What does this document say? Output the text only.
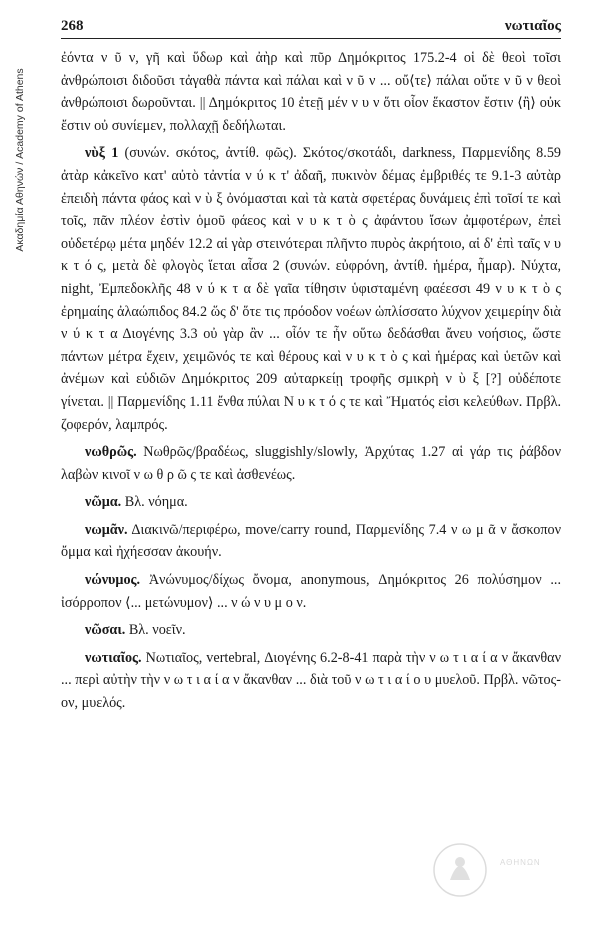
Ακαδημία Αθηνών / Academy of Athens
268	νωτιαῖος

ἐόντα ν ῦ ν, γῆ καὶ ὕδωρ καὶ ἀὴρ καὶ πῦρ Δημόκριτος 175.2-4 οἱ δὲ θεοὶ τοῖσι ἀνθρώποισι διδοῦσι τἀγαθὰ πάντα καὶ πάλαι καὶ ν ῦ ν ... οὔ⟨τε⟩ πάλαι οὔτε ν ῦ ν θεοὶ ἀνθρώποισι δωροῦνται. || Δημόκριτος 10 ἐτεῇ μέν ν υ ν ὅτι οἷον ἕκαστον ἔστιν ⟨ἢ⟩ οὐκ ἔστιν οὐ συνίεμεν, πολλαχῇ δεδήλωται.

νὺξ 1 (συνών. σκότος, ἀντίθ. φῶς). Σκότος/σκοτάδι, darkness, Παρμενίδης 8.59 ἀτὰρ κἀκεῖνο κατ' αὐτὸ τἀντία ν ύ κ τ' ἀδαῆ, πυκινὸν δέμας ἐμβριθές τε 9.1-3 αὐτὰρ ἐπειδὴ πάντα φάος καὶ ν ὺ ξ ὀνόμασται καὶ τὰ κατὰ σφετέρας δυνάμεις ἐπὶ τοῖσί τε καὶ τοῖς, πᾶν πλέον ἐστὶν ὁμοῦ φάεος καὶ ν υ κ τ ὸ ς ἀφάντου ἴσων ἀμφοτέρων, ἐπεὶ οὐδετέρῳ μέτα μηδέν 12.2 αἱ γὰρ στεινότεραι πλῆντο πυρὸς ἀκρήτοιο, αἱ δ' ἐπὶ ταῖς ν υ κ τ ό ς, μετὰ δὲ φλογὸς ἵεται αἶσα 2 (συνών. εὐφρόνη, ἀντίθ. ἡμέρα, ἦμαρ). Νύχτα, night, Ἐμπεδοκλῆς 48 ν ύ κ τ α δὲ γαῖα τίθησιν ὑφισταμένη φαέεσσι 49 ν υ κ τ ὸ ς ἐρημαίης ἀλαώπιδος 84.2 ὥς δ' ὅτε τις πρόοδον νοέων ὡπλίσσατο λύχνον χειμερίην διὰ ν ύ κ τ α Διογένης 3.3 οὐ γὰρ ἂν ... οἷόν τε ἦν οὕτω δεδάσθαι ἄνευ νοήσιος, ὥστε πάντων μέτρα ἔχειν, χειμῶνός τε καὶ θέρους καὶ ν υ κ τ ὸ ς καὶ ἡμέρας καὶ ὑετῶν καὶ ἀνέμων καὶ εὐδιῶν Δημόκριτος 209 αὐταρκείῃ τροφῆς σμικρὴ ν ὺ ξ [?] οὐδέποτε γίνεται. || Παρμενίδης 1.11 ἔνθα πύλαι Ν υ κ τ ό ς τε καὶ Ἤματός εἰσι κελεύθων. Πρβλ. ζοφερόν, λαμπρός.

νωθρῶς. Νωθρῶς/βραδέως, sluggishly/slowly, Ἀρχύτας 1.27 αἱ γάρ τις ῥάβδον λαβὼν κινοῖ ν ω θ ρ ῶ ς τε καὶ ἀσθενέως.

νῶμα. Βλ. νόημα.

νωμᾶν. Διακινῶ/περιφέρω, move/carry round, Παρμενίδης 7.4 ν ω μ ᾶ ν ἄσκοπον ὄμμα καὶ ἠχήεσσαν ἀκουήν.

νώνυμος. Ἀνώνυμος/δίχως ὄνομα, anonymous, Δημόκριτος 26 πολύσημον ... ἰσόρροπον ⟨... μετώνυμον⟩ ... ν ώ ν υ μ ο ν.

νῶσαι. Βλ. νοεῖν.

νωτιαῖος. Νωτιαῖος, vertebral, Διογένης 6.2-8-41 παρὰ τὴν ν ω τ ι α ί α ν ἄκανθαν ... περὶ αὐτὴν τὴν ν ω τ ι α ί α ν ἄκανθαν ... διὰ τοῦ ν ω τ ι α ί ο υ μυελοῦ. Πρβλ. νῶτος-ον, μυελός.

ΑΘΗΝΩΝ
